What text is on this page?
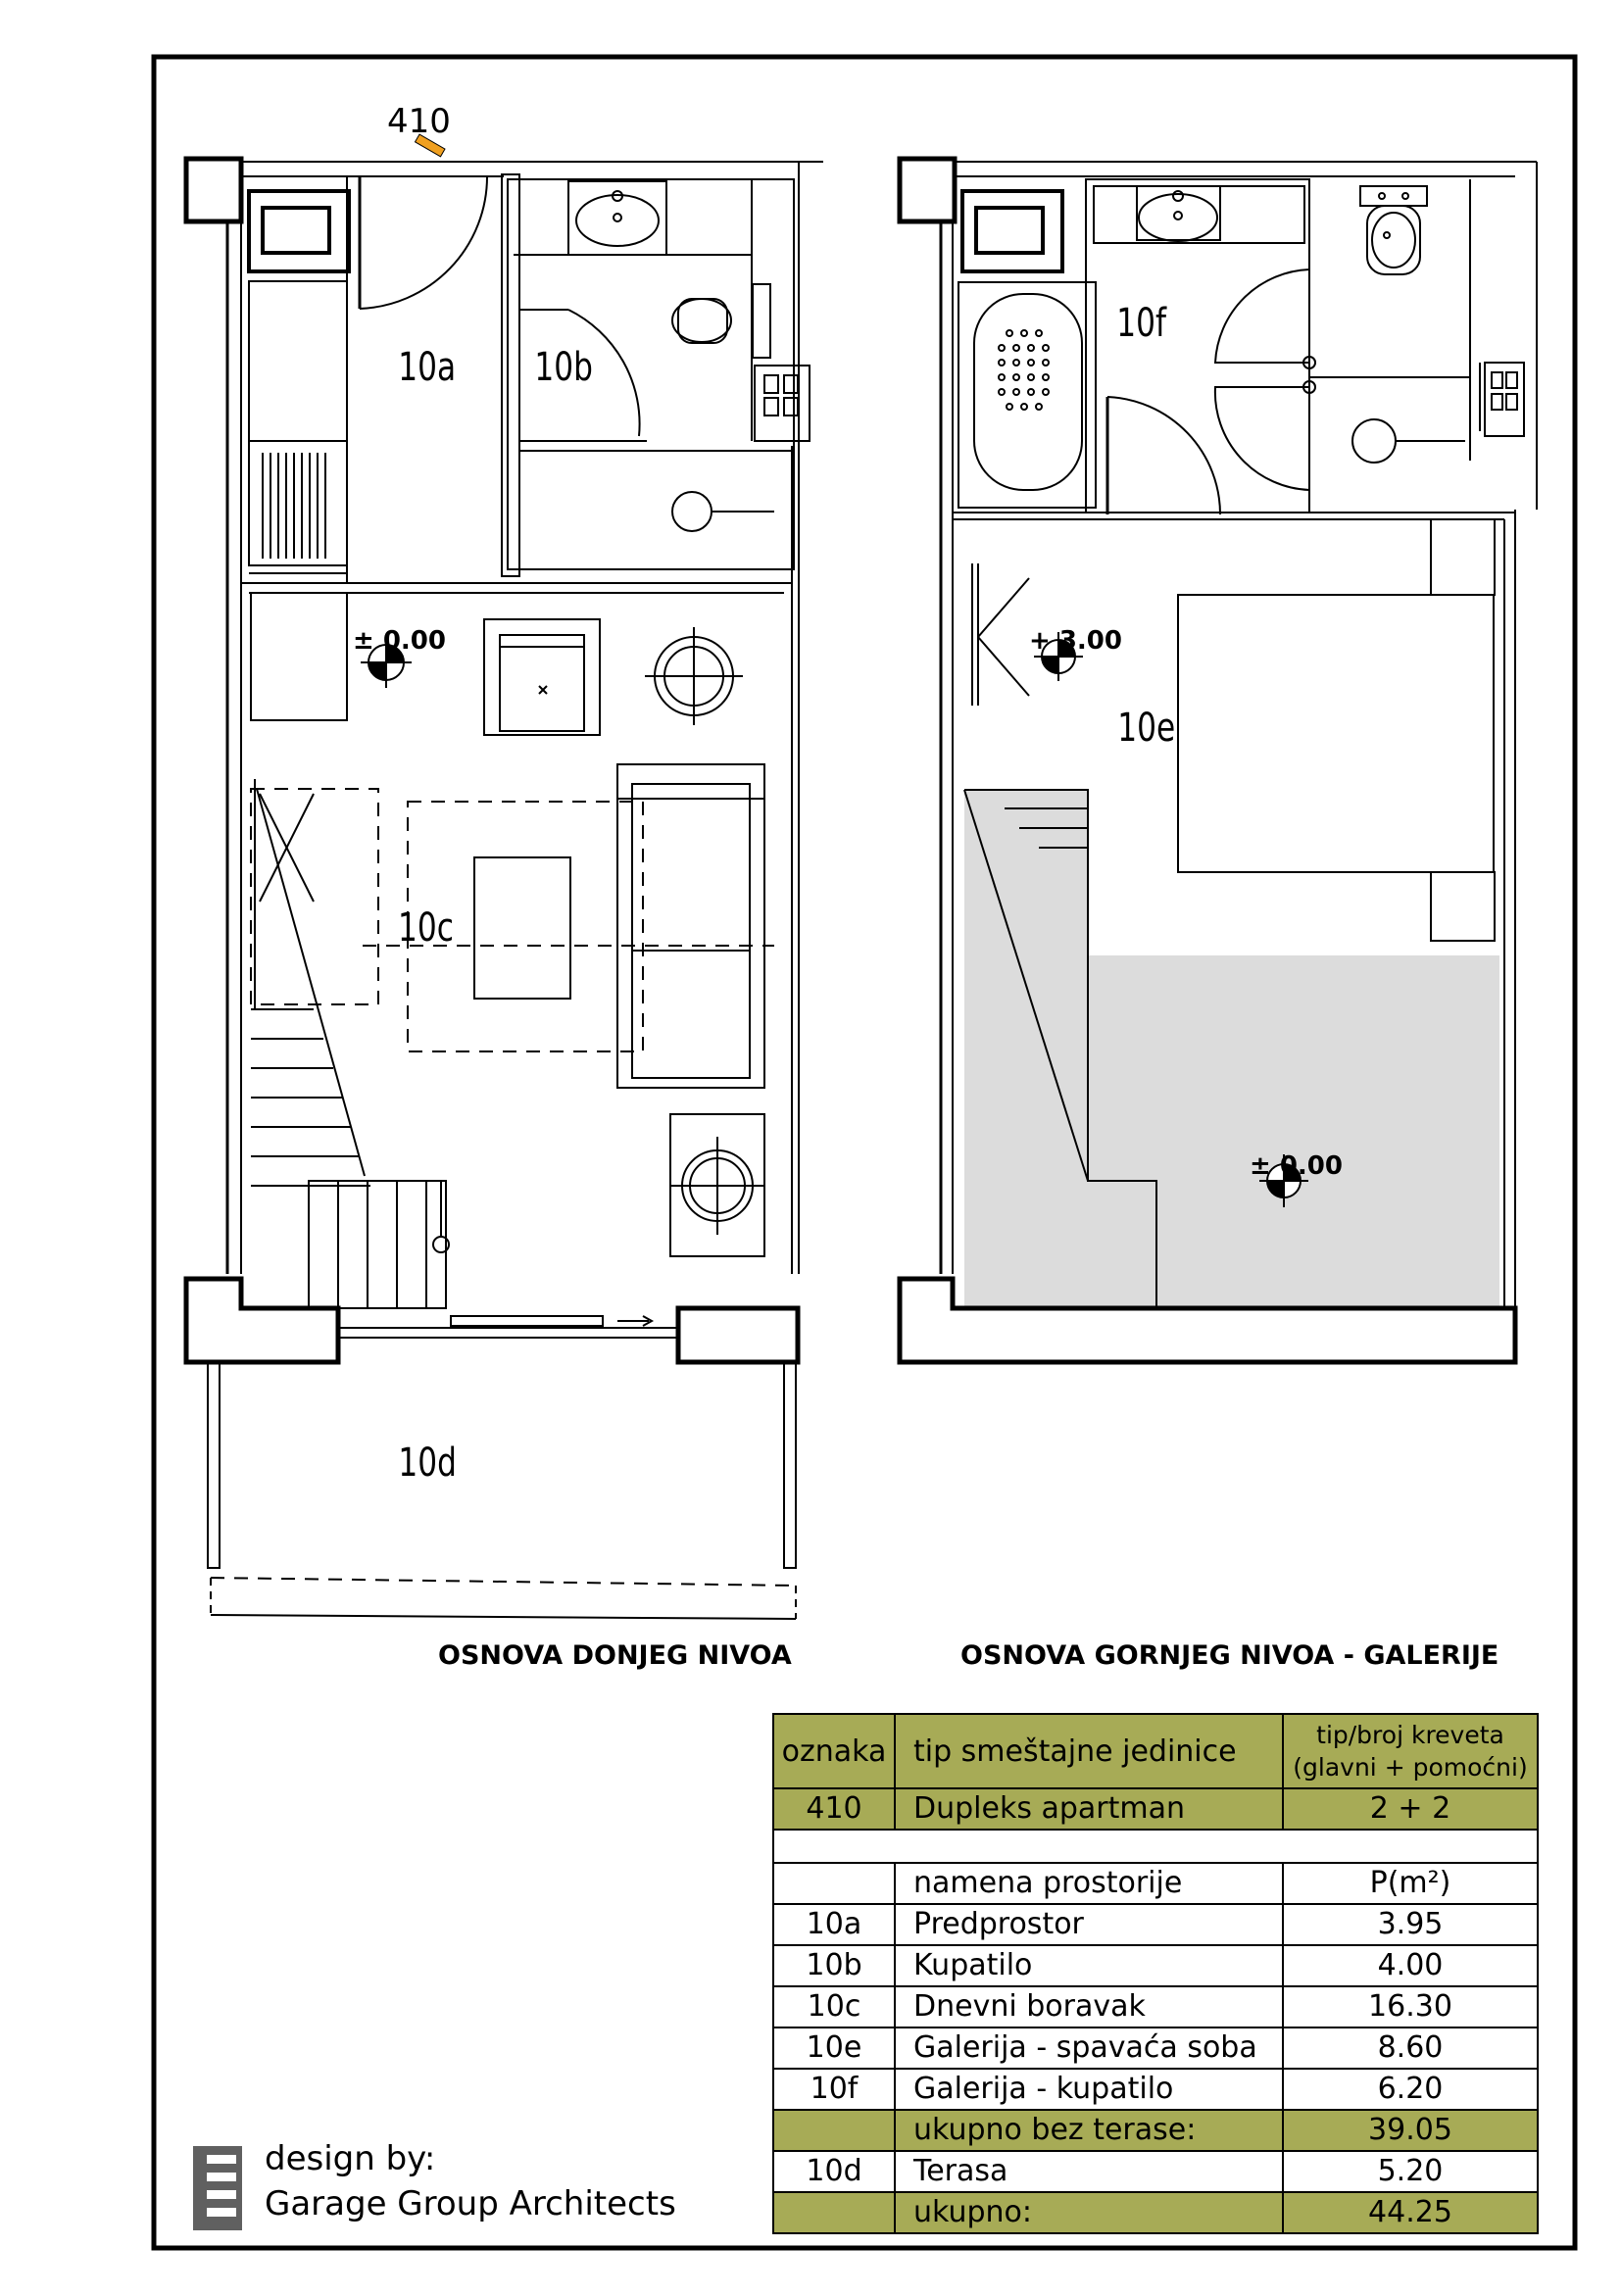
410
10a 10b
10c
10d
± 0.00
10f
10e
+ 3.00
± 0.00
OSNOVA DONJEG NIVOA	OSNOVA GORNJEG NIVOA - GALERIJE
oznaka	tip smeštajne jedinice	tip/broj kreveta
(glavni + pomoćni)

410	Dupleks apartman	2 + 2

	namena prostorije	P(m²)
10a	Predprostor	3.95
10b	Kupatilo	4.00
10c	Dnevni boravak	16.30
10e	Galerija - spavaća soba	8.60
10f	Galerija - kupatilo	6.20
	ukupno bez terase:	39.05
10d	Terasa	5.20
	ukupno:	44.25
design by:
Garage Group Architects
